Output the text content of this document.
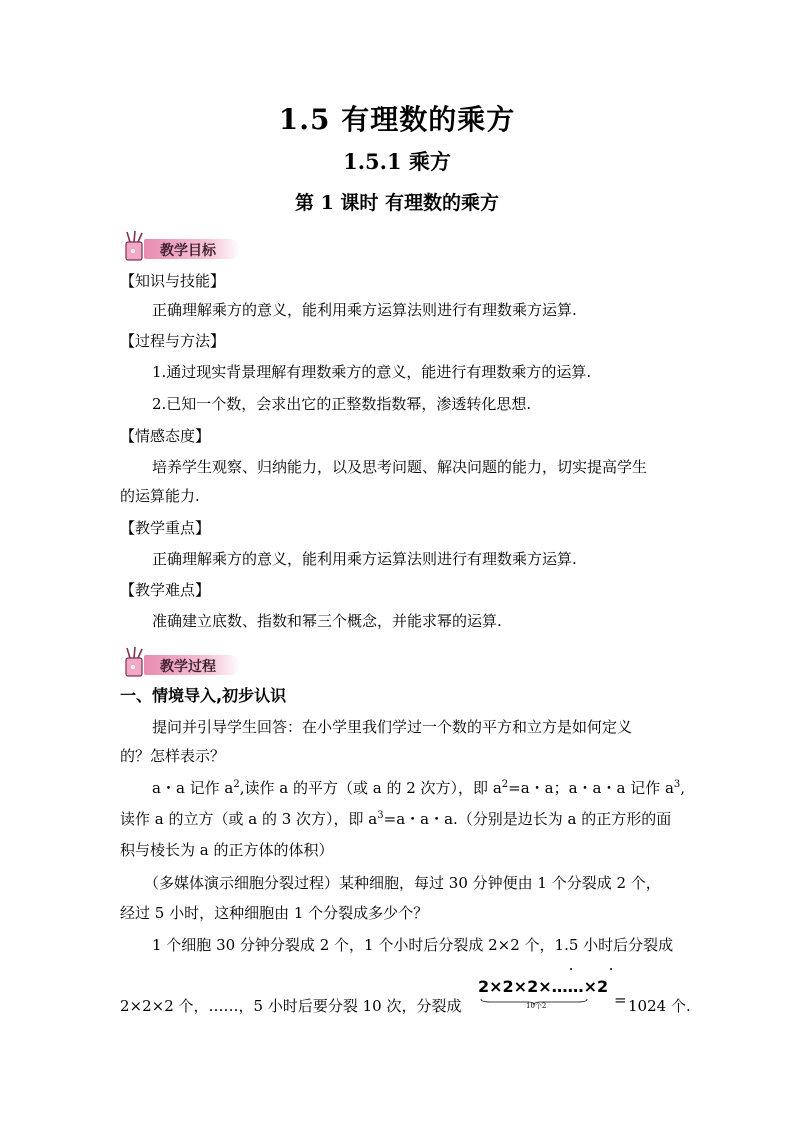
1.5 有理数的乘方
1.5.1 乘方
第 1 课时 有理数的乘方
教学目标
【知识与技能】
正确理解乘方的意义，能利用乘方运算法则进行有理数乘方运算.
【过程与方法】
1.通过现实背景理解有理数乘方的意义，能进行有理数乘方的运算.
2.已知一个数，会求出它的正整数指数幂，渗透转化思想.
【情感态度】
培养学生观察、归纳能力，以及思考问题、解决问题的能力，切实提高学生
的运算能力.
【教学重点】
正确理解乘方的意义，能利用乘方运算法则进行有理数乘方运算.
【教学难点】
准确建立底数、指数和幂三个概念，并能求幂的运算.
教学过程
一、情境导入,初步认识
提问并引导学生回答：在小学里我们学过一个数的平方和立方是如何定义
的？怎样表示？
a・a 记作 $a^2$,读作 a 的平方（或 a 的 2 次方），即 $a^2=a$・a；a・a・a 记作 $a^3$,
读作 a 的立方（或 a 的 3 次方），即 $a^3=a$・a・a.（分别是边长为 a 的正方形的面
积与棱长为 a 的正方体的体积）
（多媒体演示细胞分裂过程）某种细胞，每过 30 分钟便由 1 个分裂成 2 个，
经过 5 小时，这种细胞由 1 个分裂成多少个？
1 个细胞 30 分钟分裂成 2 个，1 个小时后分裂成 2×2 个，1.5 小时后分裂成
2×2×2 个，……，5 小时后要分裂 10 次，分裂成
2×2×2×……×2
10个2	= 1024 个.
